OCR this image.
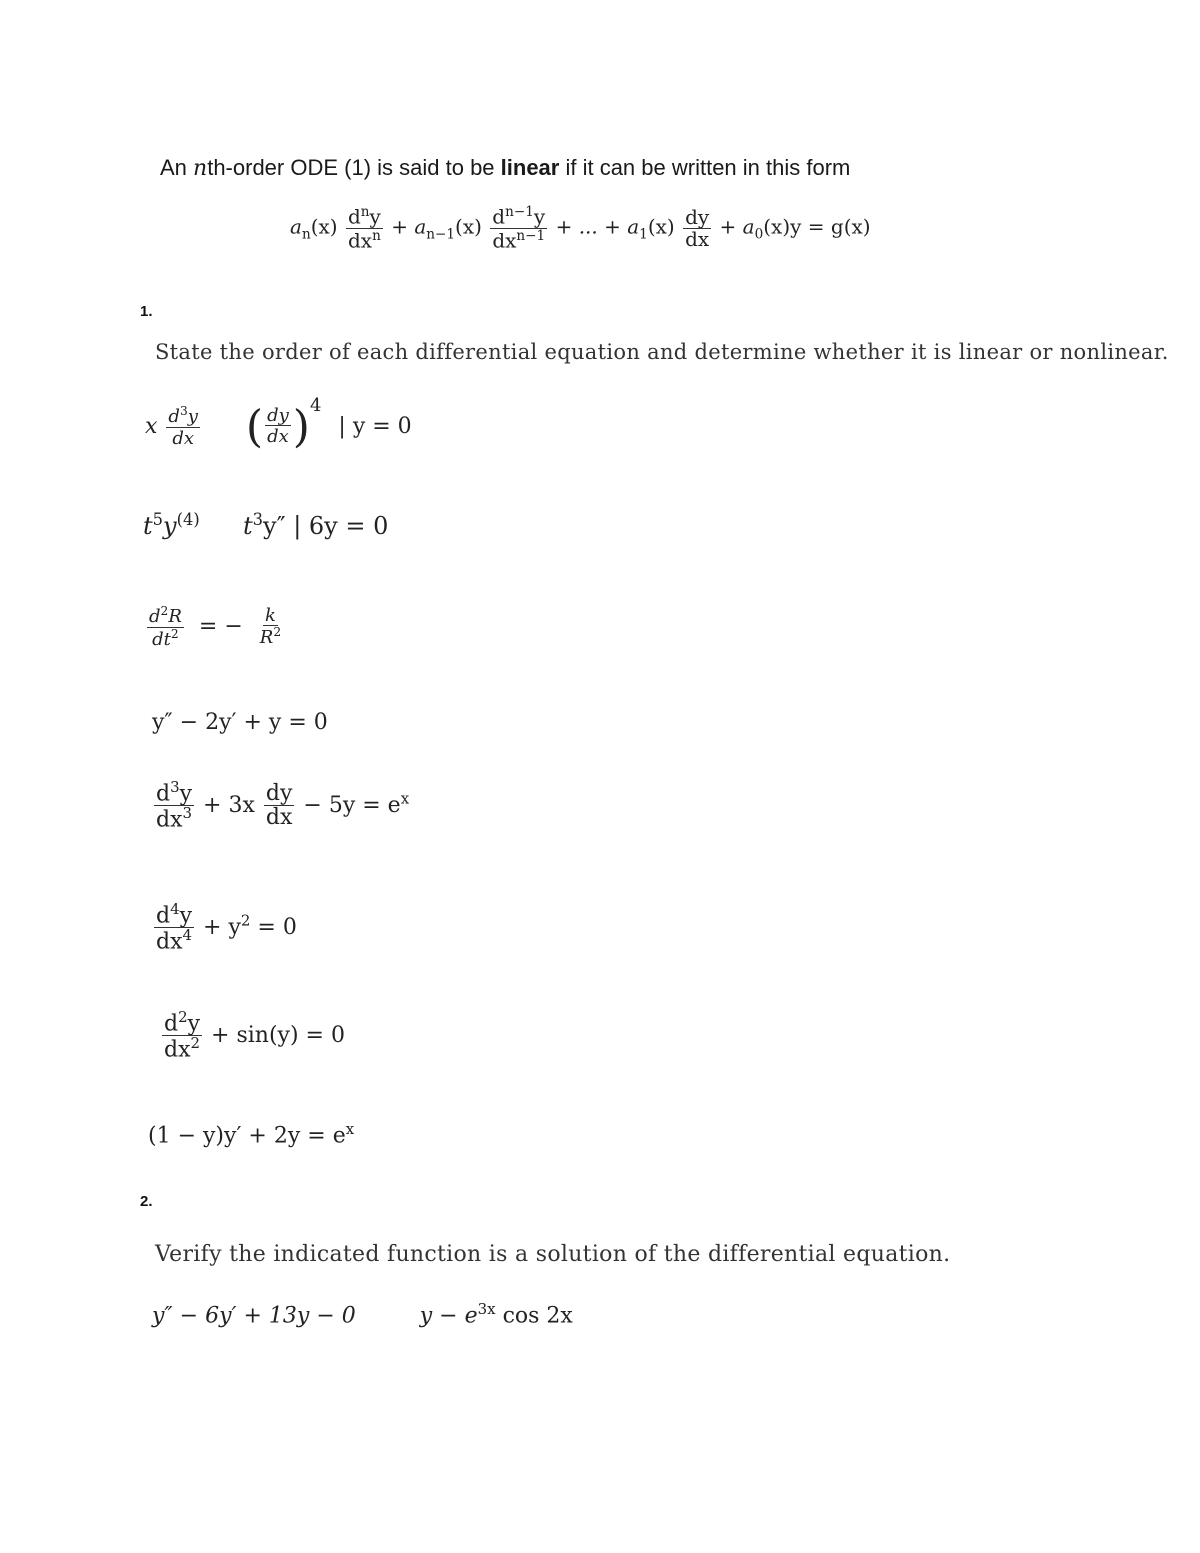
An nth-order ODE (1) is said to be linear if it can be written in this form
$a_n(x) \frac{d^ny}{dx^n} + a_{n-1}(x) \frac{d^{n-1}y}{dx^{n-1}}$ + ... + $a_1(x) \frac{dy}{dx} + a_0(x)y = g(x)$
1.
State the order of each differential equation and determine whether it is linear or nonlinear.
x $\frac{d^3y}{dx}$ ( $\frac{dy}{dx} )^4$ | y = 0
$t^5y^{(4)}$ $t^3y''$ | 6y = 0
$\frac{d^2R}{dt^2}$ = − $\frac{k}{R^2}$
y″ − 2y′ + y = 0
$\frac{d^3y}{dx^3} + 3x \frac{dy}{dx} - 5y = e^x$
$\frac{d^4y}{dx^4} + y^2 = 0$
$\frac{d^2y}{dx^2} + \sin(y) = 0$
$(1 - y)y' + 2y = e^x$
2.
Verify the indicated function is a solution of the differential equation.
y″ − 6y′ + 13y − 0	$y - e^{3x}$ cos 2x
